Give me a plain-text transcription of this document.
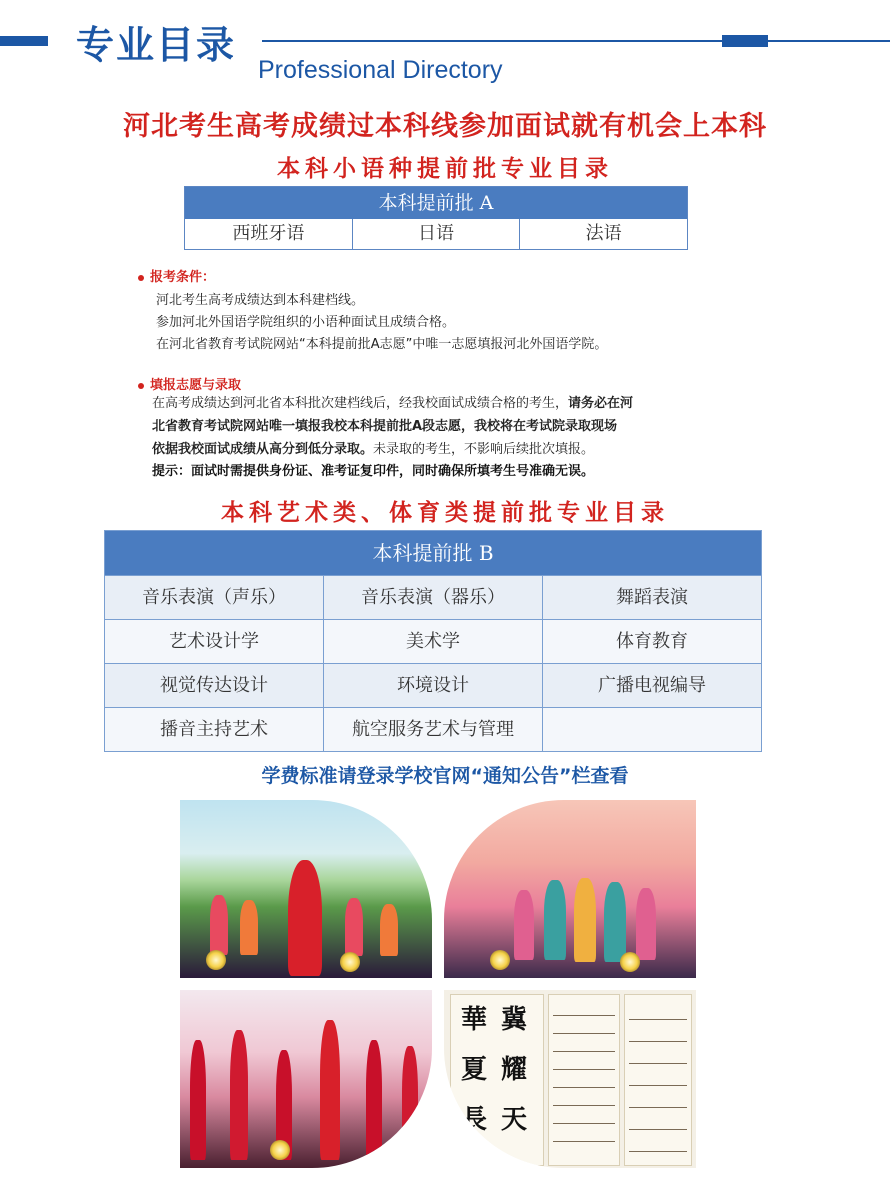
专业目录
Professional Directory
河北考生高考成绩过本科线参加面试就有机会上本科
本科小语种提前批专业目录
本科提前批 A
西班牙语	日语	法语
报考条件：
河北考生高考成绩达到本科建档线。
参加河北外国语学院组织的小语种面试且成绩合格。
在河北省教育考试院网站“本科提前批A志愿”中唯一志愿填报河北外国语学院。
填报志愿与录取
在高考成绩达到河北省本科批次建档线后，经我校面试成绩合格的考生，请务必在河
北省教育考试院网站唯一填报我校本科提前批A段志愿，我校将在考试院录取现场
依据我校面试成绩从高分到低分录取。未录取的考生，不影响后续批次填报。
提示：面试时需提供身份证、准考证复印件，同时确保所填考生号准确无误。
本科艺术类、体育类提前批专业目录
本科提前批 B
音乐表演（声乐）	音乐表演（器乐）	舞蹈表演
艺术设计学	美术学	体育教育
视觉传达设计	环境设计	广播电视编导
播音主持艺术	航空服务艺术与管理
学费标准请登录学校官网“通知公告”栏查看
華
夏
長
冀
耀
天
